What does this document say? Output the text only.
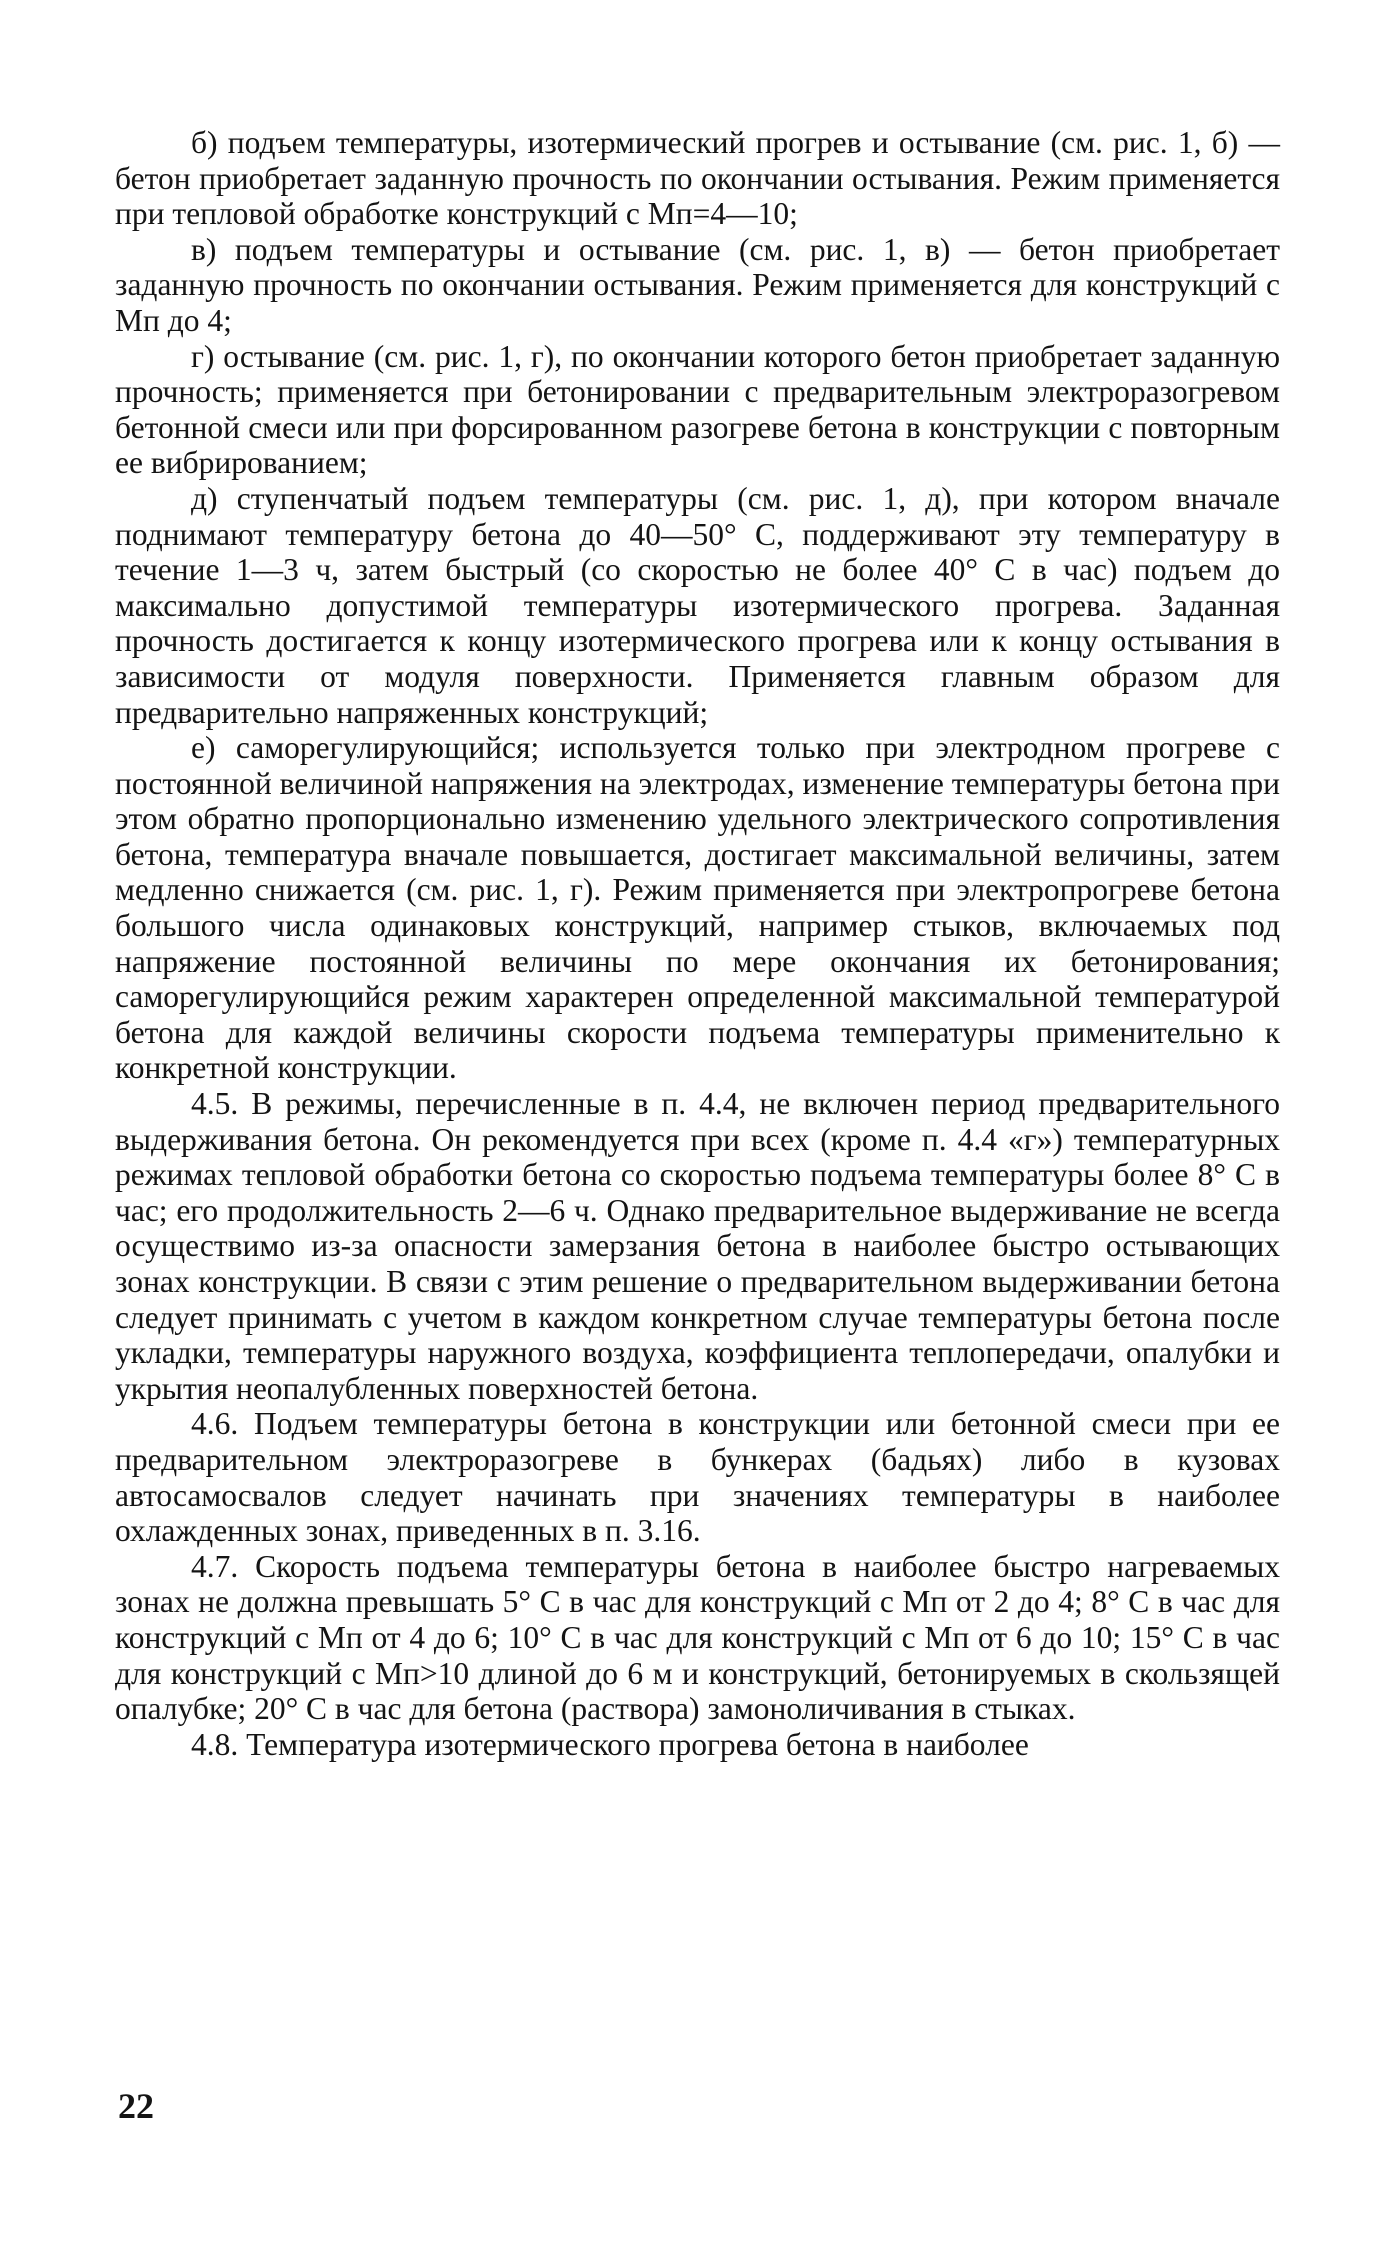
б) подъем температуры, изотермический прогрев и остывание (см. рис. 1, б) — бетон приобретает заданную прочность по окончании остывания. Режим применяется при тепловой обработке конструкций с Мп=4—10;

в) подъем температуры и остывание (см. рис. 1, в) — бетон приобретает заданную прочность по окончании остывания. Режим применяется для конструкций с Мп до 4;

г) остывание (см. рис. 1, г), по окончании которого бетон приобретает заданную прочность; применяется при бетонировании с предварительным электроразогревом бетонной смеси или при форсированном разогреве бетона в конструкции с повторным ее вибрированием;

д) ступенчатый подъем температуры (см. рис. 1, д), при котором вначале поднимают температуру бетона до 40—50° С, поддерживают эту температуру в течение 1—3 ч, затем быстрый (со скоростью не более 40° С в час) подъем до максимально допустимой температуры изотермического прогрева. Заданная прочность достигается к концу изотермического прогрева или к концу остывания в зависимости от модуля поверхности. Применяется главным образом для предварительно напряженных конструкций;

е) саморегулирующийся; используется только при электродном прогреве с постоянной величиной напряжения на электродах, изменение температуры бетона при этом обратно пропорционально изменению удельного электрического сопротивления бетона, температура вначале повышается, достигает максимальной величины, затем медленно снижается (см. рис. 1, г). Режим применяется при электропрогреве бетона большого числа одинаковых конструкций, например стыков, включаемых под напряжение постоянной величины по мере окончания их бетонирования; саморегулирующийся режим характерен определенной максимальной температурой бетона для каждой величины скорости подъема температуры применительно к конкретной конструкции.

4.5. В режимы, перечисленные в п. 4.4, не включен период предварительного выдерживания бетона. Он рекомендуется при всех (кроме п. 4.4 «г») температурных режимах тепловой обработки бетона со скоростью подъема температуры более 8° С в час; его продолжительность 2—6 ч. Однако предварительное выдерживание не всегда осуществимо из-за опасности замерзания бетона в наиболее быстро остывающих зонах конструкции. В связи с этим решение о предварительном выдерживании бетона следует принимать с учетом в каждом конкретном случае температуры бетона после укладки, температуры наружного воздуха, коэффициента теплопередачи, опалубки и укрытия неопалубленных поверхностей бетона.

4.6. Подъем температуры бетона в конструкции или бетонной смеси при ее предварительном электроразогреве в бункерах (бадьях) либо в кузовах автосамосвалов следует начинать при значениях температуры в наиболее охлажденных зонах, приведенных в п. 3.16.

4.7. Скорость подъема температуры бетона в наиболее быстро нагреваемых зонах не должна превышать 5° С в час для конструкций с Мп от 2 до 4; 8° С в час для конструкций с Мп от 4 до 6; 10° С в час для конструкций с Мп от 6 до 10; 15° С в час для конструкций с Мп>10 длиной до 6 м и конструкций, бетонируемых в скользящей опалубке; 20° С в час для бетона (раствора) замоноличивания в стыках.

4.8. Температура изотермического прогрева бетона в наиболее

22
